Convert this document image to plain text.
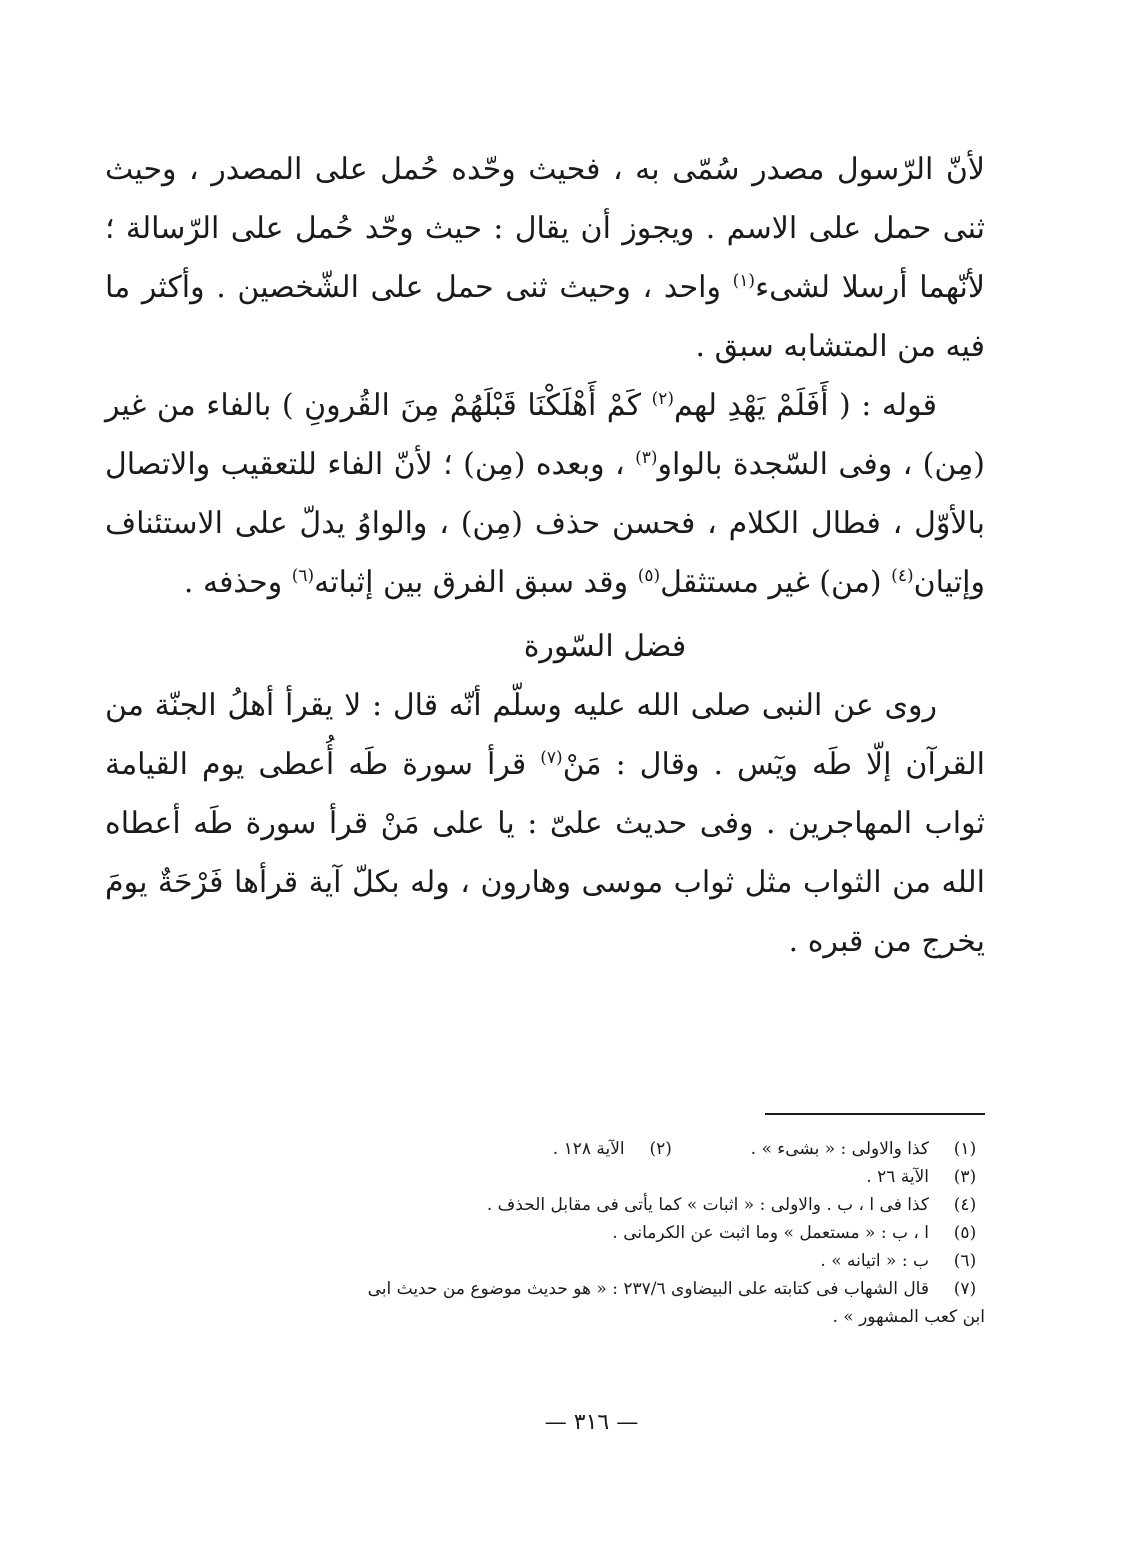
لأنّ الرّسول مصدر سُمّى به ، فحيث وحّده حُمل على المصدر ، وحيث ثنى حمل على الاسم . ويجوز أن يقال : حيث وحّد حُمل على الرّسالة ؛ لأنّهما أرسلا لشىء$^{(١)}$ واحد ، وحيث ثنى حمل على الشّخصين . وأكثر ما فيه من المتشابه سبق .

قوله : ( أَفَلَمْ يَهْدِ لهم$^{(٢)}$ كَمْ أَهْلَكْنَا قَبْلَهُمْ مِنَ القُرونِ ) بالفاء من غير (مِن) ، وفى السّجدة بالواو$^{(٣)}$ ، وبعده (مِن) ؛ لأنّ الفاء للتعقيب والاتصال بالأوّل ، فطال الكلام ، فحسن حذف (مِن) ، والواوُ يدلّ على الاستئناف وإتيان$^{(٤)}$ (من) غير مستثقل$^{(٥)}$ وقد سبق الفرق بين إثباته$^{(٦)}$ وحذفه .

فضل السّورة

روى عن النبى صلى الله عليه وسلّم أنّه قال : لا يقرأ أهلُ الجنّة من القرآن إلّا طَه ويٓس . وقال : مَنْ$^{(٧)}$ قرأ سورة طَه أُعطى يوم القيامة ثواب المهاجرين . وفى حديث علىّ : يا على مَنْ قرأ سورة طَه أعطاه الله من الثواب مثل ثواب موسى وهارون ، وله بكلّ آية قرأها فَرْحَةٌ يومَ يخرج من قبره .

(١)
كذا والاولى : « بشىء » .
(٢)
الآية ١٢٨ .
(٣)
الآية ٢٦ .
(٤)
كذا فى ا ، ب . والاولى : « اثبات » كما يأتى فى مقابل الحذف .
(٥)
ا ، ب : « مستعمل » وما اثبت عن الكرمانى .
(٦)
ب : « اتيانه » .
(٧)
قال الشهاب فى كتابته على البيضاوى ٢٣٧/٦ : « هو حديث موضوع من حديث ابى
ابن كعب المشهور » .
— ٣١٦ —
